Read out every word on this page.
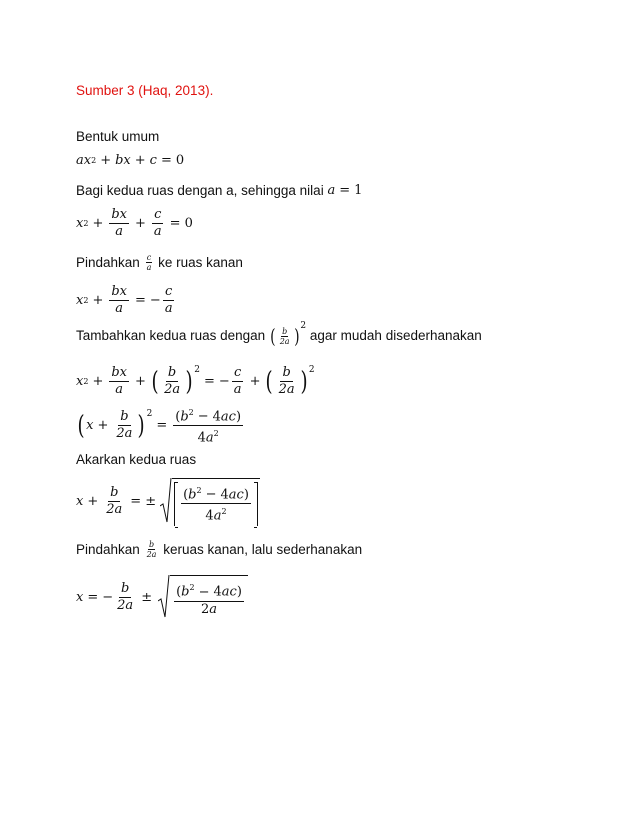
Sumber 3 (Haq, 2013).
Bentuk umum
ax 2 + bx + c = 0
Bagi kedua ruas dengan a, sehingga nilai
a = 1
x $2 + \frac{bx}{a} + \frac{c}{a} = 0$
Pindahkan
$\frac{c}{a}$
ke ruas kanan
x $2 + \frac{bx}{a}$ = − $\frac{c}{a}$
Tambahkan kedua ruas dengan
( $\frac{b}{2a}$ ) 2

agar mudah disederhanakan
x $2 + \frac{bx}{a}$ + ( $\frac{b}{2a}$ ) 2
= − $\frac{c}{a}$ + ( $\frac{b}{2a}$ ) 2
( $x + \frac{b}{2a}$ ) 2
= $\frac{(b^2 - 4ac)}{4a^2}$
Akarkan kedua ruas
$x + \frac{b}{2a}$ = ± $\frac{(b^2 - 4ac)}{4a^2}$
Pindahkan
$\frac{b}{2a}$
keruas kanan, lalu sederhanakan
x = − $\frac{b}{2a} \pm \frac{(b^2 - 4ac)}{2a}$
